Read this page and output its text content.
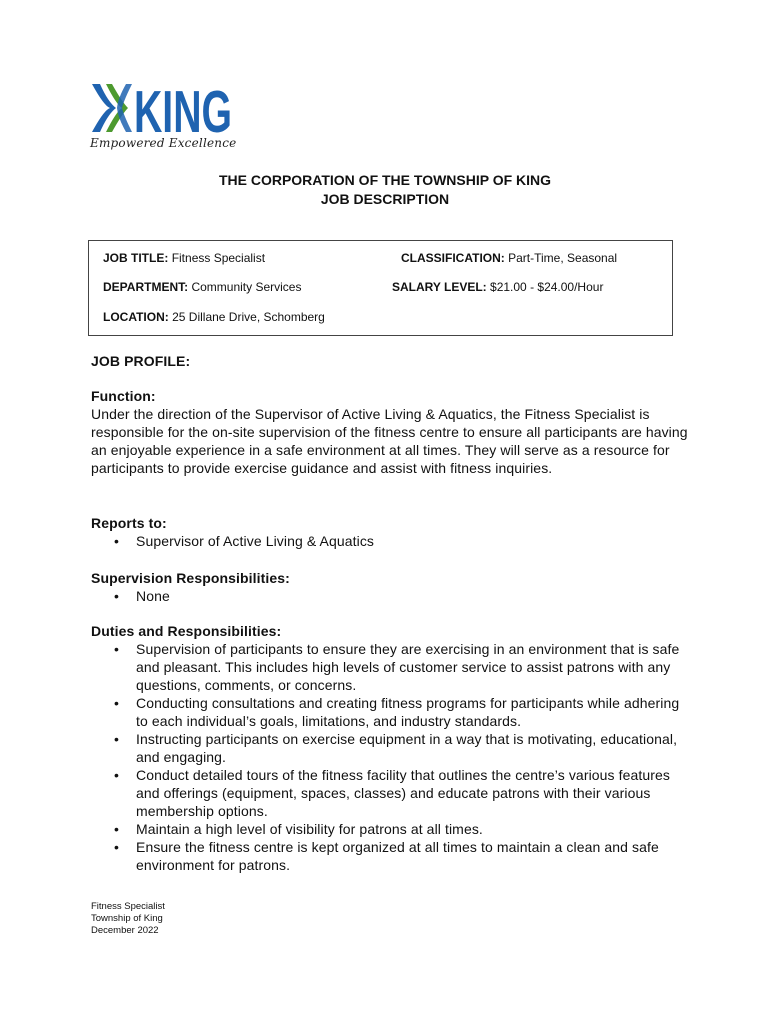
KING
Empowered Excellence
THE CORPORATION OF THE TOWNSHIP OF KING
JOB DESCRIPTION
JOB TITLE: Fitness Specialist	CLASSIFICATION: Part-Time, Seasonal
DEPARTMENT: Community Services	SALARY LEVEL: $21.00 - $24.00/Hour
LOCATION: 25 Dillane Drive, Schomberg
JOB PROFILE:
Function:

Under the direction of the Supervisor of Active Living & Aquatics, the Fitness Specialist is responsible for the on-site supervision of the fitness centre to ensure all participants are having an enjoyable experience in a safe environment at all times. They will serve as a resource for participants to provide exercise guidance and assist with fitness inquiries.

Reports to:
• Supervisor of Active Living & Aquatics
Supervision Responsibilities:
• None
Duties and Responsibilities:
• Supervision of participants to ensure they are exercising in an environment that is safe and pleasant. This includes high levels of customer service to assist patrons with any questions, comments, or concerns.
• Conducting consultations and creating fitness programs for participants while adhering to each individual’s goals, limitations, and industry standards.
• Instructing participants on exercise equipment in a way that is motivating, educational, and engaging.
• Conduct detailed tours of the fitness facility that outlines the centre’s various features and offerings (equipment, spaces, classes) and educate patrons with their various membership options.
• Maintain a high level of visibility for patrons at all times.
• Ensure the fitness centre is kept organized at all times to maintain a clean and safe environment for patrons.
Fitness Specialist
Township of King
December 2022
